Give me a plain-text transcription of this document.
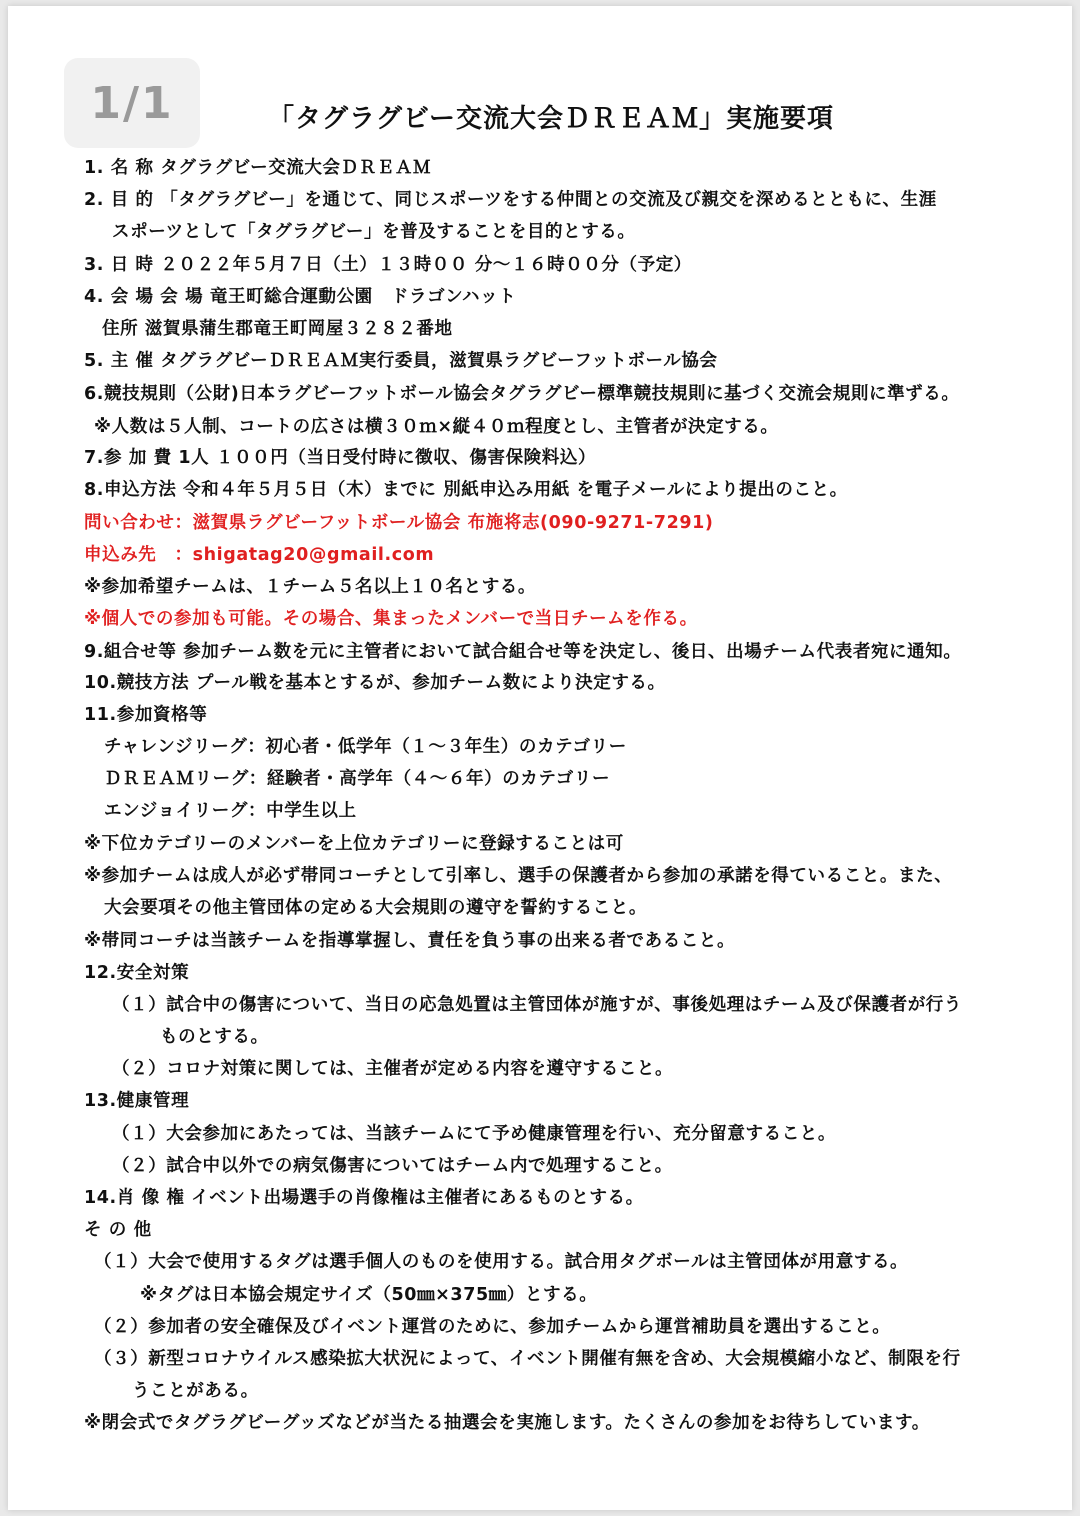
1/1	「タグラグビー交流大会ＤＲＥＡＭ」実施要項
1. 名 称 タグラグビー交流大会ＤＲＥＡＭ
2. 目 的 「タグラグビー」を通じて、同じスポーツをする仲間との交流及び親交を深めるとともに、生涯
スポーツとして「タグラグビー」を普及することを目的とする。
3. 日 時 ２０２２年５月７日（土）１３時００ 分～１６時００分（予定）
4. 会 場 会 場 竜王町総合運動公園　ドラゴンハット
住所 滋賀県蒲生郡竜王町岡屋３２８２番地
5. 主 催 タグラグビーＤＲＥＡＭ実行委員，滋賀県ラグビーフットボール協会
6.競技規則（公財)日本ラグビーフットボール協会タグラグビー標準競技規則に基づく交流会規則に準ずる。
※人数は５人制、コートの広さは横３０ｍ×縦４０ｍ程度とし、主管者が決定する。
7.参 加 費 1人 １００円（当日受付時に徴収、傷害保険料込）
8.申込方法 令和４年５月５日（木）までに 別紙申込み用紙 を電子メールにより提出のこと。
問い合わせ：滋賀県ラグビーフットボール協会 布施将志(090-9271-7291)
申込み先　：shigatag20@gmail.com
※参加希望チームは、１チーム５名以上１０名とする。
※個人での参加も可能。その場合、集まったメンバーで当日チームを作る。
9.組合せ等 参加チーム数を元に主管者において試合組合せ等を決定し、後日、出場チーム代表者宛に通知。
10.競技方法 プール戦を基本とするが、参加チーム数により決定する。
11.参加資格等
チャレンジリーグ：初心者・低学年（１～３年生）のカテゴリー
ＤＲＥＡＭリーグ：経験者・高学年（４～６年）のカテゴリー
エンジョイリーグ：中学生以上
※下位カテゴリーのメンバーを上位カテゴリーに登録することは可
※参加チームは成人が必ず帯同コーチとして引率し、選手の保護者から参加の承諾を得ていること。また、
大会要項その他主管団体の定める大会規則の遵守を誓約すること。
※帯同コーチは当該チームを指導掌握し、責任を負う事の出来る者であること。
12.安全対策
（１）試合中の傷害について、当日の応急処置は主管団体が施すが、事後処理はチーム及び保護者が行う
ものとする。
（２）コロナ対策に関しては、主催者が定める内容を遵守すること。
13.健康管理
（１）大会参加にあたっては、当該チームにて予め健康管理を行い、充分留意すること。
（２）試合中以外での病気傷害についてはチーム内で処理すること。
14.肖 像 権 イベント出場選手の肖像権は主催者にあるものとする。
そ の 他
（１）大会で使用するタグは選手個人のものを使用する。試合用タグボールは主管団体が用意する。
※タグは日本協会規定サイズ（50㎜×375㎜）とする。
（２）参加者の安全確保及びイベント運営のために、参加チームから運営補助員を選出すること。
（３）新型コロナウイルス感染拡大状況によって、イベント開催有無を含め、大会規模縮小など、制限を行
うことがある。
※閉会式でタグラグビーグッズなどが当たる抽選会を実施します。たくさんの参加をお待ちしています。
